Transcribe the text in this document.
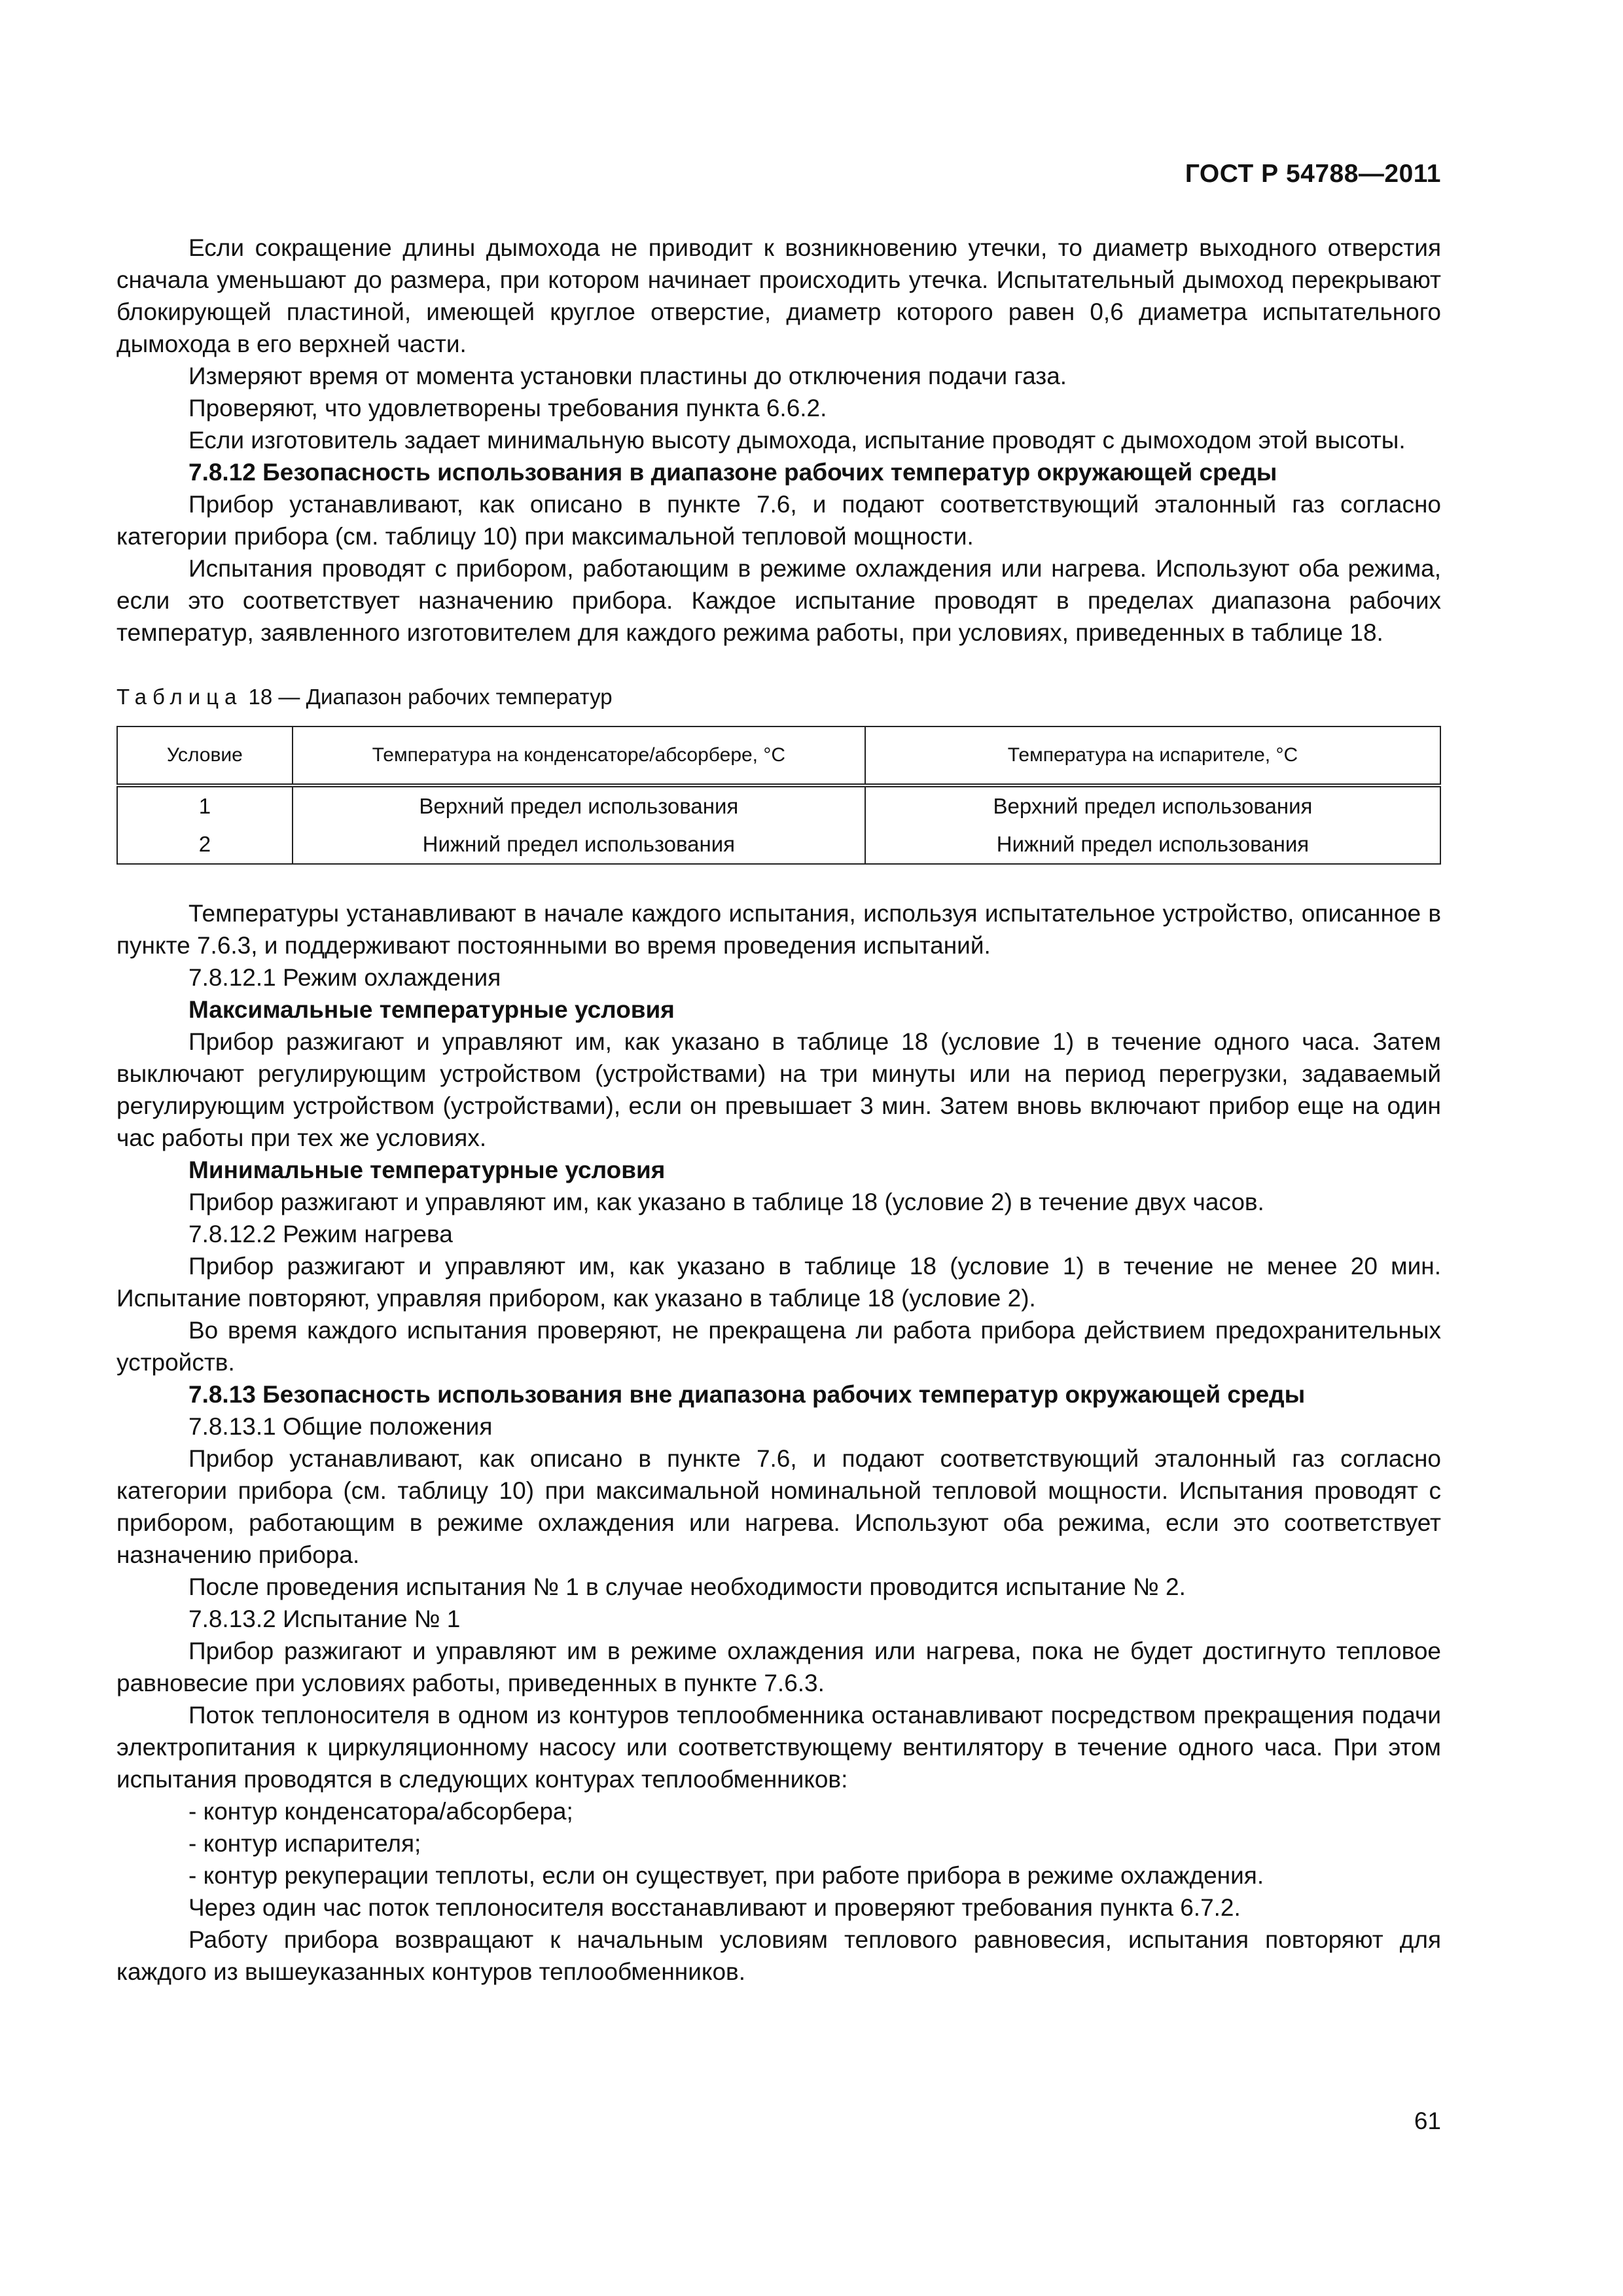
ГОСТ Р 54788—2011

Если сокращение длины дымохода не приводит к возникновению утечки, то диаметр выходного отверстия сначала уменьшают до размера, при котором начинает происходить утечка. Испытательный дымоход перекрывают блокирующей пластиной, имеющей круглое отверстие, диаметр которого равен 0,6 диаметра испытательного дымохода в его верхней части.

Измеряют время от момента установки пластины до отключения подачи газа.

Проверяют, что удовлетворены требования пункта 6.6.2.

Если изготовитель задает минимальную высоту дымохода, испытание проводят с дымоходом этой высоты.

7.8.12 Безопасность использования в диапазоне рабочих температур окружающей среды

Прибор устанавливают, как описано в пункте 7.6, и подают соответствующий эталонный газ согласно категории прибора (см. таблицу 10) при максимальной тепловой мощности.

Испытания проводят с прибором, работающим в режиме охлаждения или нагрева. Используют оба режима, если это соответствует назначению прибора. Каждое испытание проводят в пределах диапазона рабочих температур, заявленного изготовителем для каждого режима работы, при условиях, приведенных в таблице 18.

Таблица 18 — Диапазон рабочих температур
Условие	Температура на конденсаторе/абсорбере, °С	Температура на испарителе, °С
1	Верхний предел использования	Верхний предел использования
2	Нижний предел использования	Нижний предел использования

Температуры устанавливают в начале каждого испытания, используя испытательное устройство, описанное в пункте 7.6.3, и поддерживают постоянными во время проведения испытаний.

7.8.12.1 Режим охлаждения

Максимальные температурные условия

Прибор разжигают и управляют им, как указано в таблице 18 (условие 1) в течение одного часа. Затем выключают регулирующим устройством (устройствами) на три минуты или на период перегрузки, задаваемый регулирующим устройством (устройствами), если он превышает 3 мин. Затем вновь включают прибор еще на один час работы при тех же условиях.

Минимальные температурные условия

Прибор разжигают и управляют им, как указано в таблице 18 (условие 2) в течение двух часов.

7.8.12.2 Режим нагрева

Прибор разжигают и управляют им, как указано в таблице 18 (условие 1) в течение не менее 20 мин. Испытание повторяют, управляя прибором, как указано в таблице 18 (условие 2).

Во время каждого испытания проверяют, не прекращена ли работа прибора действием предохранительных устройств.

7.8.13 Безопасность использования вне диапазона рабочих температур окружающей среды

7.8.13.1 Общие положения

Прибор устанавливают, как описано в пункте 7.6, и подают соответствующий эталонный газ согласно категории прибора (см. таблицу 10) при максимальной номинальной тепловой мощности. Испытания проводят с прибором, работающим в режиме охлаждения или нагрева. Используют оба режима, если это соответствует назначению прибора.

После проведения испытания № 1 в случае необходимости проводится испытание № 2.

7.8.13.2 Испытание № 1

Прибор разжигают и управляют им в режиме охлаждения или нагрева, пока не будет достигнуто тепловое равновесие при условиях работы, приведенных в пункте 7.6.3.

Поток теплоносителя в одном из контуров теплообменника останавливают посредством прекращения подачи электропитания к циркуляционному насосу или соответствующему вентилятору в течение одного часа. При этом испытания проводятся в следующих контурах теплообменников:

- контур конденсатора/абсорбера;

- контур испарителя;

- контур рекуперации теплоты, если он существует, при работе прибора в режиме охлаждения.

Через один час поток теплоносителя восстанавливают и проверяют требования пункта 6.7.2.

Работу прибора возвращают к начальным условиям теплового равновесия, испытания повторяют для каждого из вышеуказанных контуров теплообменников.

61
